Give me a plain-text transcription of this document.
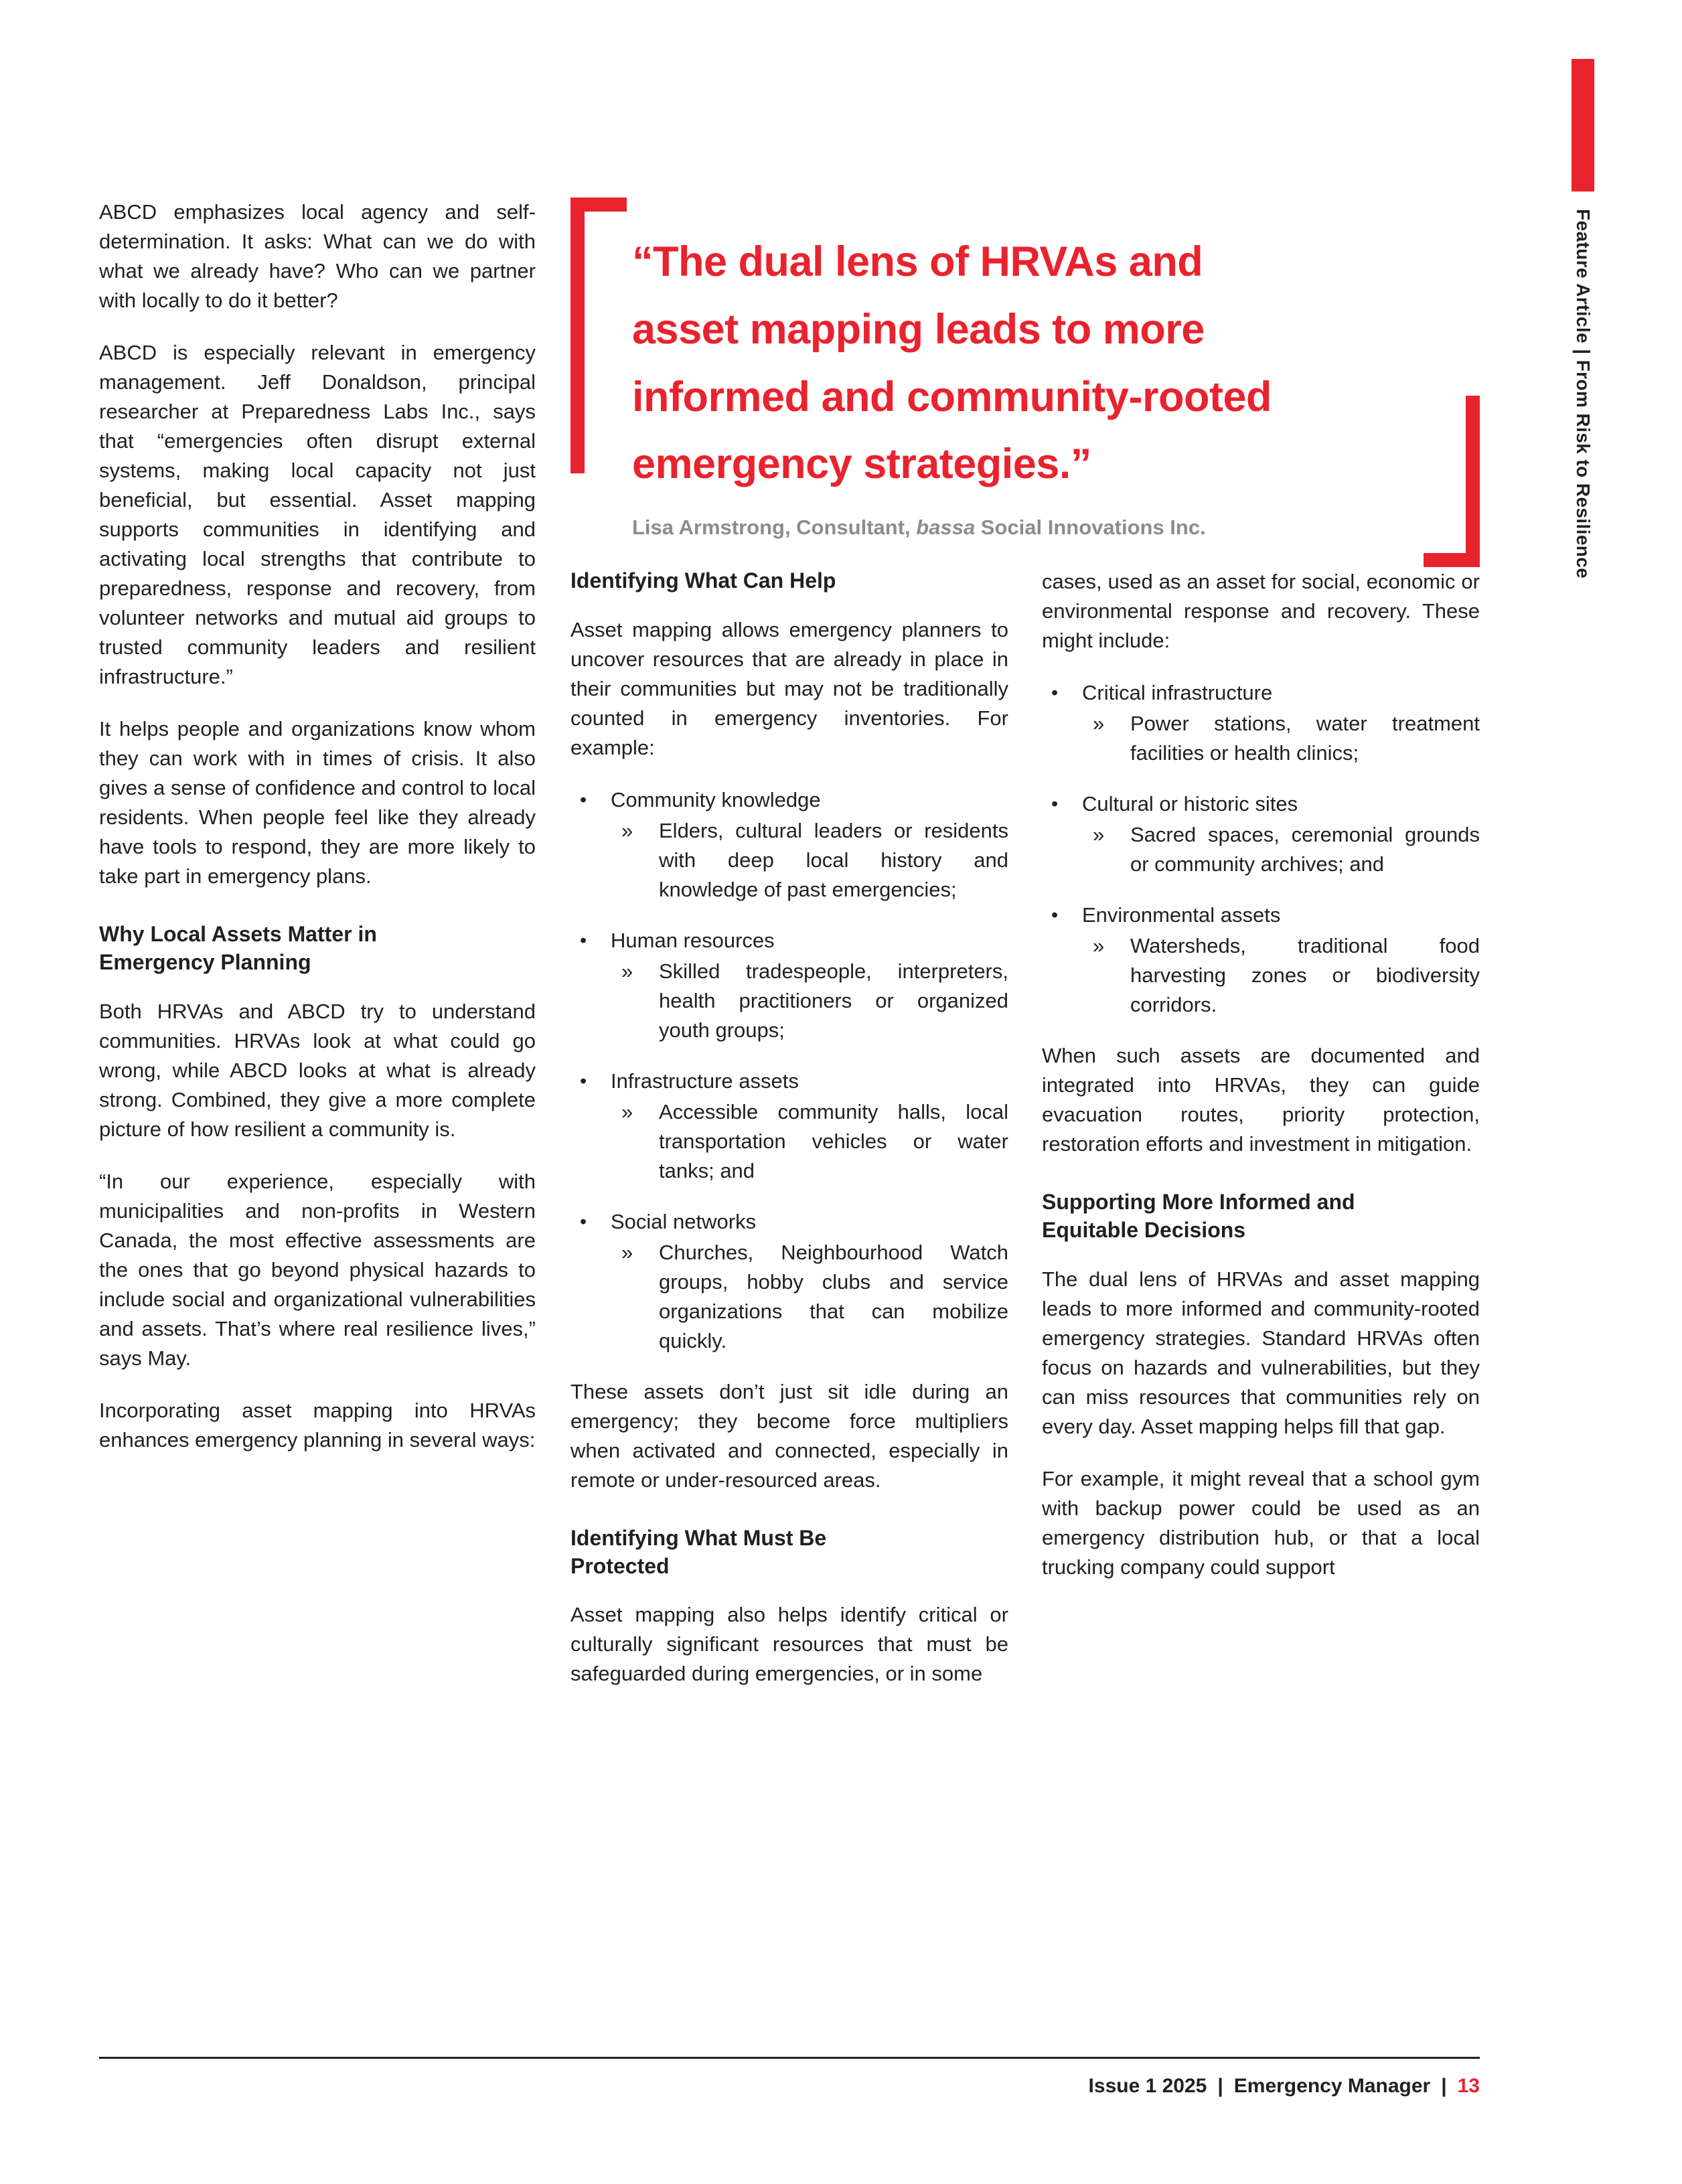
Feature Article | From Risk to Resilience

ABCD emphasizes local agency and self-determination. It asks: What can we do with what we already have? Who can we partner with locally to do it better?

ABCD is especially relevant in emergency management. Jeff Donaldson, principal researcher at Preparedness Labs Inc., says that “emergencies often disrupt external systems, making local capacity not just beneficial, but essential. Asset mapping supports communities in identifying and activating local strengths that contribute to preparedness, response and recovery, from volunteer networks and mutual aid groups to trusted community leaders and resilient infrastructure.”

It helps people and organizations know whom they can work with in times of crisis. It also gives a sense of confidence and control to local residents. When people feel like they already have tools to respond, they are more likely to take part in emergency plans.

Why Local Assets Matter in Emergency Planning

Both HRVAs and ABCD try to understand communities. HRVAs look at what could go wrong, while ABCD looks at what is already strong. Combined, they give a more complete picture of how resilient a community is.

“In our experience, especially with municipalities and non-profits in Western Canada, the most effective assessments are the ones that go beyond physical hazards to include social and organizational vulnerabilities and assets. That’s where real resilience lives,” says May.

Incorporating asset mapping into HRVAs enhances emergency planning in several ways:

“The dual lens of HRVAs and
asset mapping leads to more
informed and community-rooted
emergency strategies.”
Lisa Armstrong, Consultant, bassa Social Innovations Inc.
Identifying What Can Help

Asset mapping allows emergency planners to uncover resources that are already in place in their communities but may not be traditionally counted in emergency inventories. For example:

•	Community knowledge
»	Elders, cultural leaders or residents with deep local history and knowledge of past emergencies;
•	Human resources
»	Skilled tradespeople, interpreters, health practitioners or organized youth groups;
•	Infrastructure assets
»	Accessible community halls, local transportation vehicles or water tanks; and
•	Social networks
»	Churches, Neighbourhood Watch groups, hobby clubs and service organizations that can mobilize quickly.

These assets don’t just sit idle during an emergency; they become force multipliers when activated and connected, especially in remote or under-resourced areas.

Identifying What Must Be Protected

Asset mapping also helps identify critical or culturally significant resources that must be safeguarded during emergencies, or in some

cases, used as an asset for social, economic or environmental response and recovery. These might include:

•	Critical infrastructure
»	Power stations, water treatment facilities or health clinics;
•	Cultural or historic sites
»	Sacred spaces, ceremonial grounds or community archives; and
•	Environmental assets
»	Watersheds, traditional food harvesting zones or biodiversity corridors.

When such assets are documented and integrated into HRVAs, they can guide evacuation routes, priority protection, restoration efforts and investment in mitigation.

Supporting More Informed and Equitable Decisions

The dual lens of HRVAs and asset mapping leads to more informed and community-rooted emergency strategies. Standard HRVAs often focus on hazards and vulnerabilities, but they can miss resources that communities rely on every day. Asset mapping helps fill that gap.

For example, it might reveal that a school gym with backup power could be used as an emergency distribution hub, or that a local trucking company could support

Issue 1 2025 | Emergency Manager | 13
